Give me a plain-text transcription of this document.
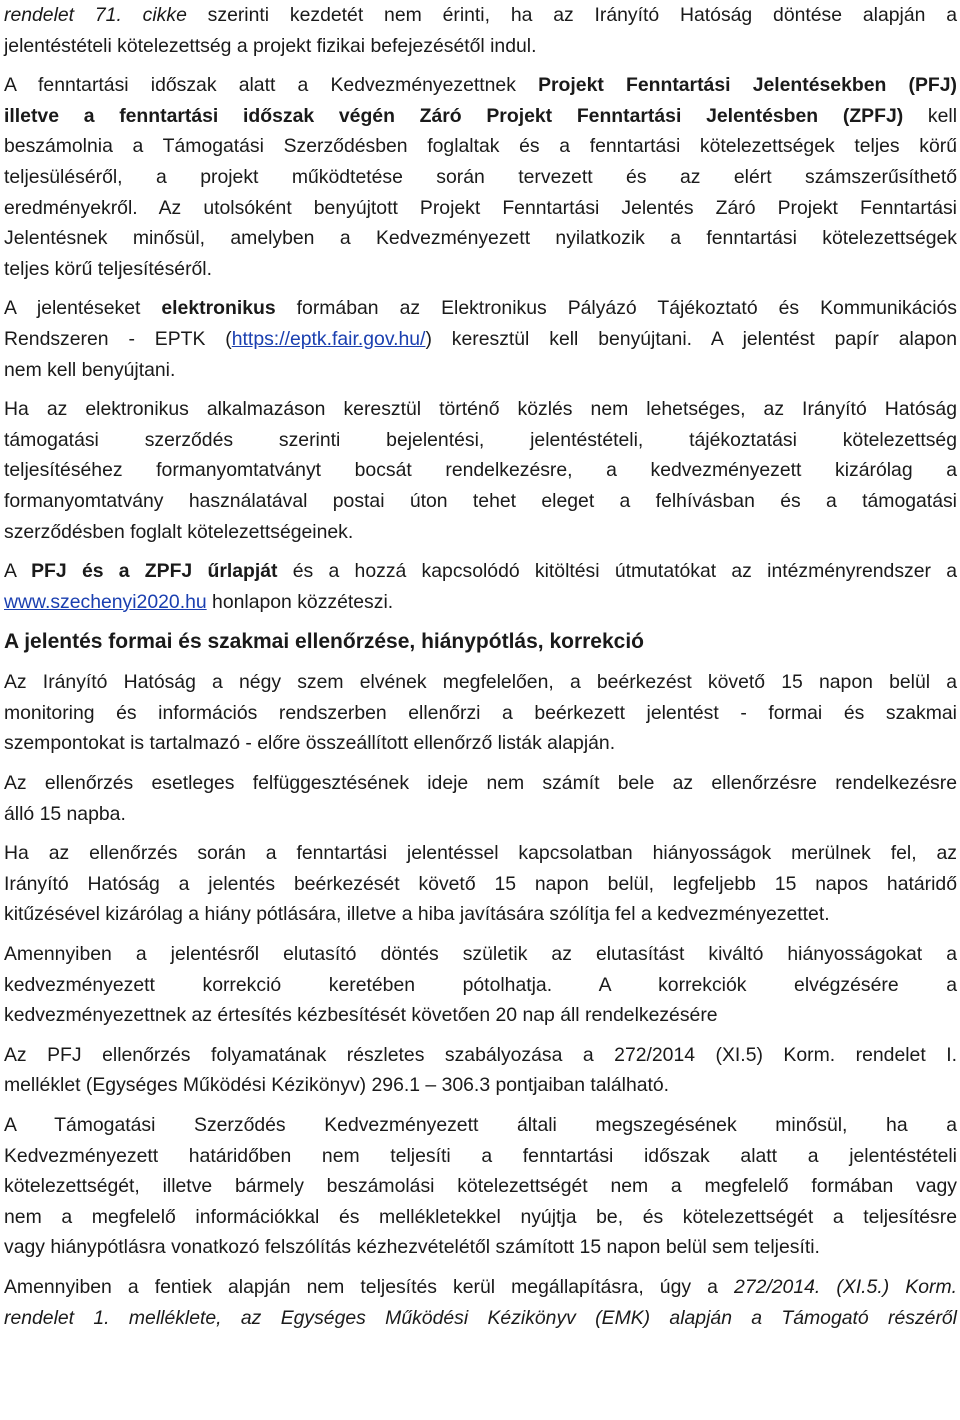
rendelet 71. cikke szerinti kezdetét nem érinti, ha az Irányító Hatóság döntése alapján a
jelentéstételi kötelezettség a projekt fizikai befejezésétől indul.
A fenntartási időszak alatt a Kedvezményezettnek Projekt Fenntartási Jelentésekben (PFJ)
illetve a fenntartási időszak végén Záró Projekt Fenntartási Jelentésben (ZPFJ) kell
beszámolnia a Támogatási Szerződésben foglaltak és a fenntartási kötelezettségek teljes körű
teljesüléséről, a projekt működtetése során tervezett és az elért számszerűsíthető
eredményekről. Az utolsóként benyújtott Projekt Fenntartási Jelentés Záró Projekt Fenntartási
Jelentésnek minősül, amelyben a Kedvezményezett nyilatkozik a fenntartási kötelezettségek
teljes körű teljesítéséről.
A jelentéseket elektronikus formában az Elektronikus Pályázó Tájékoztató és Kommunikációs
Rendszeren - EPTK (https://eptk.fair.gov.hu/) keresztül kell benyújtani. A jelentést papír alapon
nem kell benyújtani.
Ha az elektronikus alkalmazáson keresztül történő közlés nem lehetséges, az Irányító Hatóság
támogatási szerződés szerinti bejelentési, jelentéstételi, tájékoztatási kötelezettség
teljesítéséhez formanyomtatványt bocsát rendelkezésre, a kedvezményezett kizárólag a
formanyomtatvány használatával postai úton tehet eleget a felhívásban és a támogatási
szerződésben foglalt kötelezettségeinek.
A PFJ és a ZPFJ űrlapját és a hozzá kapcsolódó kitöltési útmutatókat az intézményrendszer a
www.szechenyi2020.hu honlapon közzéteszi.
A jelentés formai és szakmai ellenőrzése, hiánypótlás, korrekció
Az Irányító Hatóság a négy szem elvének megfelelően, a beérkezést követő 15 napon belül a
monitoring és információs rendszerben ellenőrzi a beérkezett jelentést - formai és szakmai
szempontokat is tartalmazó - előre összeállított ellenőrző listák alapján.
Az ellenőrzés esetleges felfüggesztésének ideje nem számít bele az ellenőrzésre rendelkezésre
álló 15 napba.
Ha az ellenőrzés során a fenntartási jelentéssel kapcsolatban hiányosságok merülnek fel, az
Irányító Hatóság a jelentés beérkezését követő 15 napon belül, legfeljebb 15 napos határidő
kitűzésével kizárólag a hiány pótlására, illetve a hiba javítására szólítja fel a kedvezményezettet.
Amennyiben a jelentésről elutasító döntés születik az elutasítást kiváltó hiányosságokat a
kedvezményezett korrekció keretében pótolhatja. A korrekciók elvégzésére a
kedvezményezettnek az értesítés kézbesítését követően 20 nap áll rendelkezésére
Az PFJ ellenőrzés folyamatának részletes szabályozása a 272/2014 (XI.5) Korm. rendelet I.
melléklet (Egységes Működési Kézikönyv) 296.1 – 306.3 pontjaiban található.
A Támogatási Szerződés Kedvezményezett általi megszegésének minősül, ha a
Kedvezményezett határidőben nem teljesíti a fenntartási időszak alatt a jelentéstételi
kötelezettségét, illetve bármely beszámolási kötelezettségét nem a megfelelő formában vagy
nem a megfelelő információkkal és mellékletekkel nyújtja be, és kötelezettségét a teljesítésre
vagy hiánypótlásra vonatkozó felszólítás kézhezvételétől számított 15 napon belül sem teljesíti.
Amennyiben a fentiek alapján nem teljesítés kerül megállapításra, úgy a 272/2014. (XI.5.) Korm.
rendelet 1. melléklete, az Egységes Működési Kézikönyv (EMK) alapján a Támogató részéről
